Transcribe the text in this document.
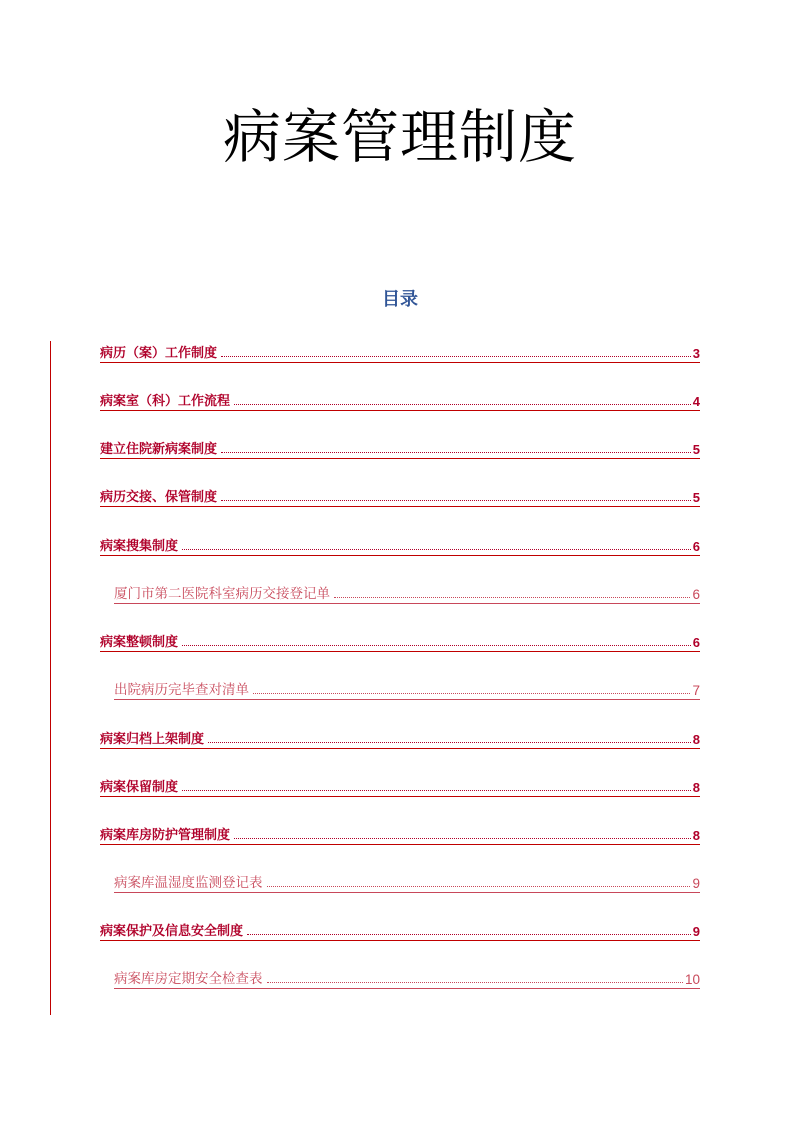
病案管理制度
目录
病历（案）工作制度	3
病案室（科）工作流程	4
建立住院新病案制度	5
病历交接、保管制度	5
病案搜集制度	6
厦门市第二医院科室病历交接登记单	6
病案整顿制度	6
出院病历完毕查对清单	7
病案归档上架制度	8
病案保留制度	8
病案库房防护管理制度	8
病案库温湿度监测登记表	9
病案保护及信息安全制度	9
病案库房定期安全检查表	10
